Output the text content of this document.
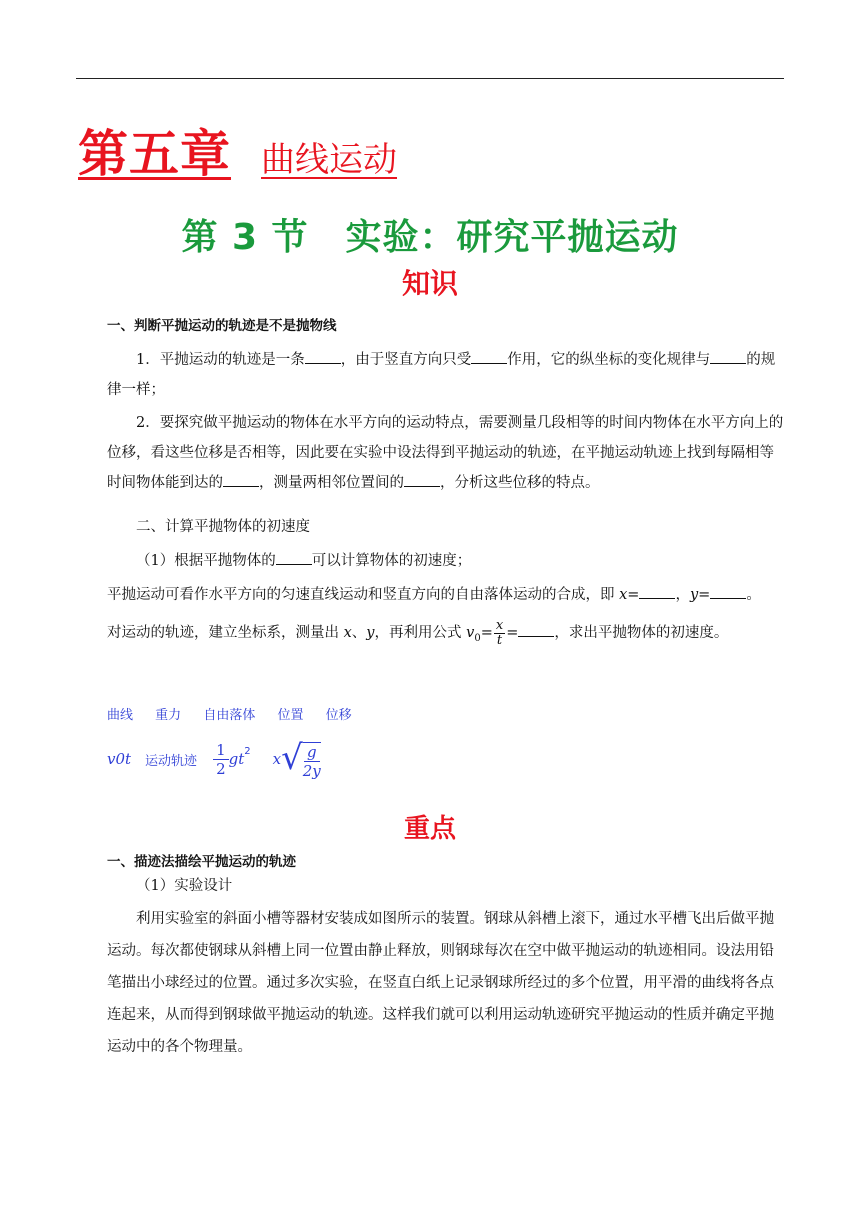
第五章 曲线运动
第 3 节　实验：研究平抛运动
知识
一、判断平抛运动的轨迹是不是抛物线
1．平抛运动的轨迹是一条 ，由于竖直方向只受 作用，它的纵坐标的变化规律与 的规律一样；
2．要探究做平抛运动的物体在水平方向的运动特点，需要测量几段相等的时间内物体在水平方向上的位移，看这些位移是否相等，因此要在实验中设法得到平抛运动的轨迹，在平抛运动轨迹上找到每隔相等时间物体能到达的 ，测量两相邻位置间的 ，分析这些位移的特点。
二、计算平抛物体的初速度
（1）根据平抛物体的 可以计算物体的初速度；
平抛运动可看作水平方向的匀速直线运动和竖直方向的自由落体运动的合成，即 x= ，y= 。
对运动的轨迹，建立坐标系，测量出 x、y，再利用公式 $v_0= \frac{x}{t}$ = ，求出平抛物体的初速度。
曲线 重力 自由落体 位置 位移
v0t 运动轨迹 $\frac{1}{2} gt^2$ x √ $\frac{g}{2y}$
重点
一、描迹法描绘平抛运动的轨迹
（1）实验设计
利用实验室的斜面小槽等器材安装成如图所示的装置。钢球从斜槽上滚下，通过水平槽飞出后做平抛运动。每次都使钢球从斜槽上同一位置由静止释放，则钢球每次在空中做平抛运动的轨迹相同。设法用铅笔描出小球经过的位置。通过多次实验，在竖直白纸上记录钢球所经过的多个位置，用平滑的曲线将各点连起来，从而得到钢球做平抛运动的轨迹。这样我们就可以利用运动轨迹研究平抛运动的性质并确定平抛运动中的各个物理量。
